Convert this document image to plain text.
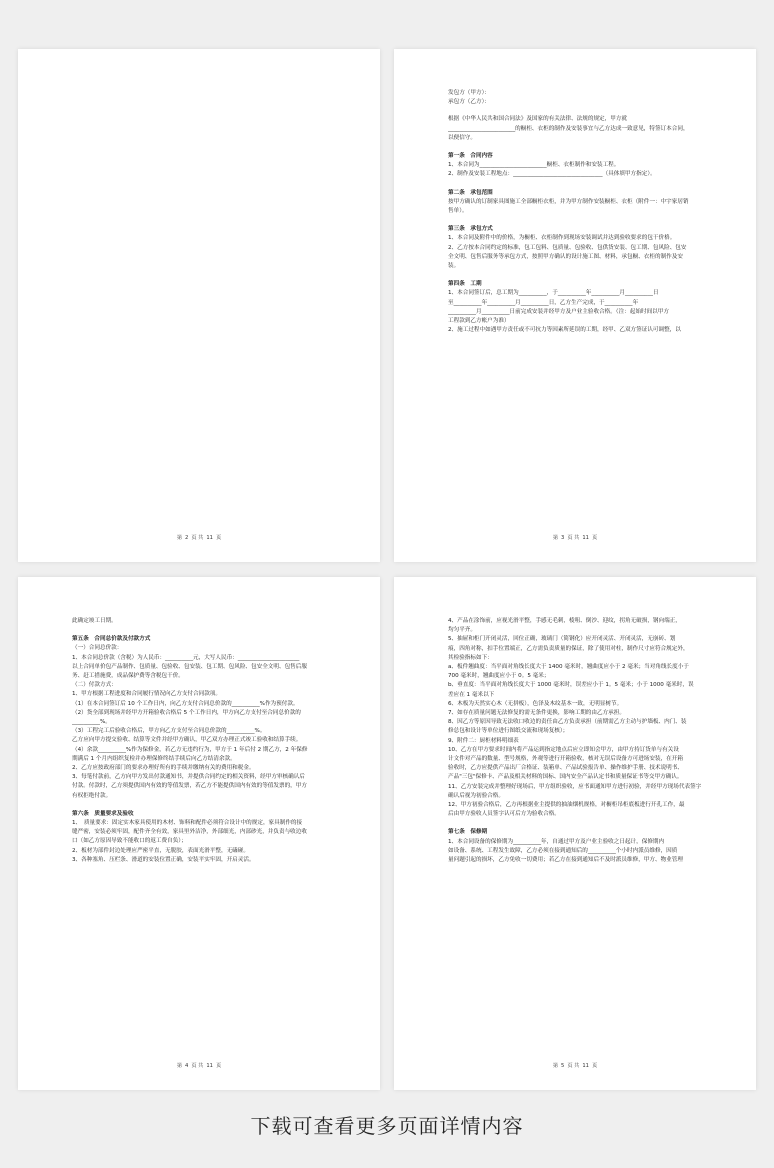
第 2 页 共 11 页
发包方（甲方）：
承包方（乙方）：
根据《中华人民共和国合同法》及国家的有关法律、法规的规定，甲方就
________________________的橱柜、衣柜的制作及安装事宜与乙方达成一致意见，特签订本合同，
以便信守。
第一条　合同内容
1、本合同为________________________橱柜、衣柜制作和安装工程。
2、制作及安装工程地点：________________________________（具体填甲方指定）。
第二条　承包范围
按甲方确认的订制家具图施工全部橱柜衣柜，并为甲方制作安装橱柜、衣柜（附件一：中宇家居销
售单）。
第三条　承包方式
1、本合同及附件中的价格，为橱柜、衣柜制作到现场安装调试并达到验收要求的包干价格。
2、乙方按本合同约定的标准，包工包料、包质量、包验收、包供货安装、包工期、包风险、包安
全文明、包售后服务等承包方式，按照甲方确认的设计施工图、材料，承包橱、衣柜的制作及安
装。
第四条　工期
1、本合同签订后，总工期为__________，于__________年__________月__________日
至__________年__________月__________日，乙方生产完成，于__________年
__________月__________日前完成安装并经甲方及户业主验收合格。（注：起始时间以甲方
工程款到乙方帐户为准）
2、施工过程中如遇甲方责任或不可抗力等因素所延误的工期，经甲、乙双方签证认可调整，以
第 3 页 共 11 页
此确定竣工日期。
第五条　合同总价款及付款方式
（一）合同总价款：
1、本合同总价款（含税）为人民币：__________元，大写人民币：______________________
以上合同单价包产品制作、包质量、包验收、包安装、包工期、包风险、包安全文明、包售后服
务、赶工措施费，成品保护费等含税包干价。
（二）付款方式：
1、甲方根据工程进度和合同履行情况向乙方支付合同款项。
（1）在本合同签订后 10 个工作日内，向乙方支付合同总价款的__________%作为预付款。
（2）货全部到现场并经甲方开箱验收合格后 5 个工作日内，甲方向乙方支付至合同总价款的
__________%。
（3）工程完工后验收合格后，甲方向乙方支付至合同总价款的__________%。
乙方应向甲方提交验收、结算等文件并经甲方确认，甲乙双方办理正式竣工验收和结算手续。
（4）余款__________%作为保修金，若乙方无违约行为，甲方于 1 年后付 2 期乙方，2 年保修
期满后 1 个月内组织复检并办理保修终结手续后向乙方结清余款。
2、乙方应按政府部门的要求办理好所有的手续并缴纳有关的费用和税金。
3、每笔付款前，乙方向甲方发出付款通知书，并提供合同约定的相关资料，经甲方审核确认后
付款。付款时，乙方须提供国内有效的等值发票，若乙方不能提供国内有效的等值发票的，甲方
有权拒绝付款。
第六条　质量要求及验收
1、　质量要求：固定实木家具使用的木材、饰料和配件必须符合设计中的规定，家具制作的接
缝严密，安装必须牢固，配件齐全有效，家具里外洁净，外部细光，内部砂光，并负责与收边收
口（如乙方原因导致不能收口的返工费自负）；
2、板材为部件封边处理应严密平直，无脱胶，表面光滑平整，无磕碰。
3、各种塞角、压栏条、滑道的安装位置正确，安装平实牢固，开启灵活。
第 4 页 共 11 页
4、产品在涂饰前，应视光滑平整，手感无毛刺，棱咀、倒沙、迎纹，拐角无破损，钢向端正，
均匀平齐。
5、抽屉和柜门开闭灵活，回位正确，玻璃门（简钢化）应开闭灵活、开闭灵活，无崩砖、划
痕，四角对称，扣手位置端正，乙方需负责质量的保证，除了使用对柱，制作尺寸应符合规定外，
其检验指标如下：
a、板件翘曲度：当平面对角线长度大于 1400 毫米时，翘曲度应小于 2 毫米；当对角线长度小于
700 毫米时，翘曲度应小于 0。5 毫米；
b、垂直度：当平面对角线长度大于 1000 毫米时，误差应小于 1。5 毫米；小于 1000 毫米时，误
差应在 1 毫米以下
6、木板为天然实心木（无拼板），色泽及木纹基本一致，无明显树节。
7、如存在质量问题无法修复的需无条件更换，影响工期的由乙方承担。
8、因乙方等原因导致无法收口收边的责任由乙方负责承担（前期需乙方主动与护墙板、内门、装
修总包和设计等单位进行图纸交流和现场复核）；
9、附件二：厨柜材料明细表
10、乙方在甲方要求时间内将产品运到指定地点后应立即知会甲方，由甲方持订货单与有关设
计文件对产品的数量、型号规格，外观等进行开箱验收，核对无误后设备方可进场安装，在开箱
验收时，乙方应提供产品出厂合格证、装箱单、产品试验报告单、操作维护手册、技术说明书、
产品"三包"保修卡、产品及相关材料的国标、国内安全产品认定书和质量保证书等交甲方确认。
11、乙方安装完成并整理好现场后，甲方组织验收，应书面通知甲方进行初验，并经甲方现场代表签字
确认后视为初验合格。
12、甲方初验合格后，乙方再根据业主提供的抽油烟机规格，对橱柜吊柜底板进行开孔工作，最
后由甲方验收人员签字认可后方为验收合格。
第七条　保修期
1、本合同设备的保修期为__________年，自通过甲方及户业主验收之日起计，保修期内
如设备、系统、工程发生故障，乙方必须在接到通知后的__________个小时内派员维修，因质
量问题引起的损坏，乙方免收一切费用；若乙方在接到通知后不及时派员维修，甲方、物业管理
第 5 页 共 11 页
下载可查看更多页面详情内容
